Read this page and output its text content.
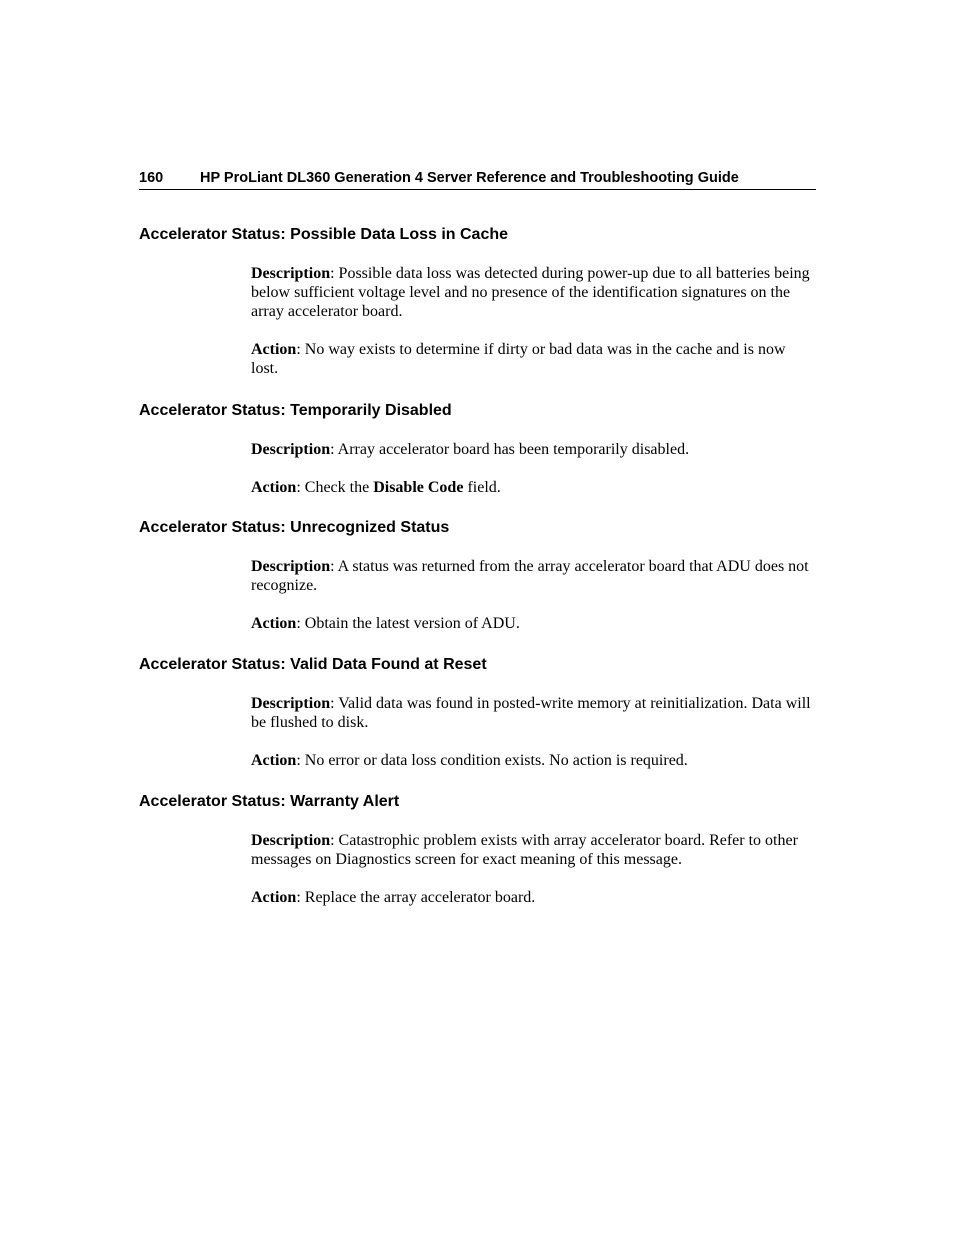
160	HP ProLiant DL360 Generation 4 Server Reference and Troubleshooting Guide
Accelerator Status: Possible Data Loss in Cache

Description: Possible data loss was detected during power-up due to all batteries being below sufficient voltage level and no presence of the identification signatures on the array accelerator board.

Action: No way exists to determine if dirty or bad data was in the cache and is now lost.

Accelerator Status: Temporarily Disabled

Description: Array accelerator board has been temporarily disabled.

Action: Check the Disable Code field.

Accelerator Status: Unrecognized Status

Description: A status was returned from the array accelerator board that ADU does not recognize.

Action: Obtain the latest version of ADU.

Accelerator Status: Valid Data Found at Reset

Description: Valid data was found in posted-write memory at reinitialization. Data will be flushed to disk.

Action: No error or data loss condition exists. No action is required.

Accelerator Status: Warranty Alert

Description: Catastrophic problem exists with array accelerator board. Refer to other messages on Diagnostics screen for exact meaning of this message.

Action: Replace the array accelerator board.
